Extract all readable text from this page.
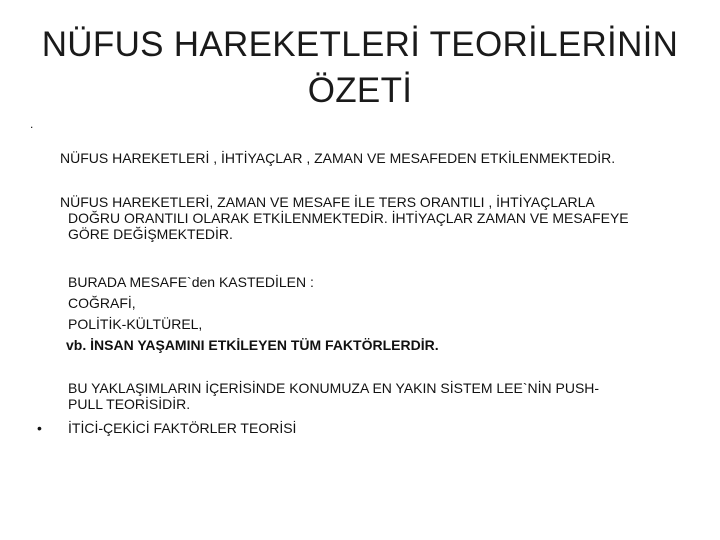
NÜFUS HAREKETLERİ TEORİLERİNİN
ÖZETİ
.
NÜFUS HAREKETLERİ , İHTİYAÇLAR , ZAMAN VE MESAFEDEN ETKİLENMEKTEDİR.
NÜFUS HAREKETLERİ, ZAMAN VE MESAFE İLE TERS ORANTILI , İHTİYAÇLARLA
DOĞRU ORANTILI OLARAK ETKİLENMEKTEDİR. İHTİYAÇLAR ZAMAN VE MESAFEYE
GÖRE DEĞİŞMEKTEDİR.
BURADA MESAFE`den KASTEDİLEN :
COĞRAFİ,
POLİTİK-KÜLTÜREL,
vb. İNSAN YAŞAMINI ETKİLEYEN TÜM FAKTÖRLERDİR.
BU YAKLAŞIMLARIN İÇERİSİNDE KONUMUZA EN YAKIN SİSTEM LEE`NİN PUSH-
PULL TEORİSİDİR.
• İTİCİ-ÇEKİCİ FAKTÖRLER TEORİSİ
